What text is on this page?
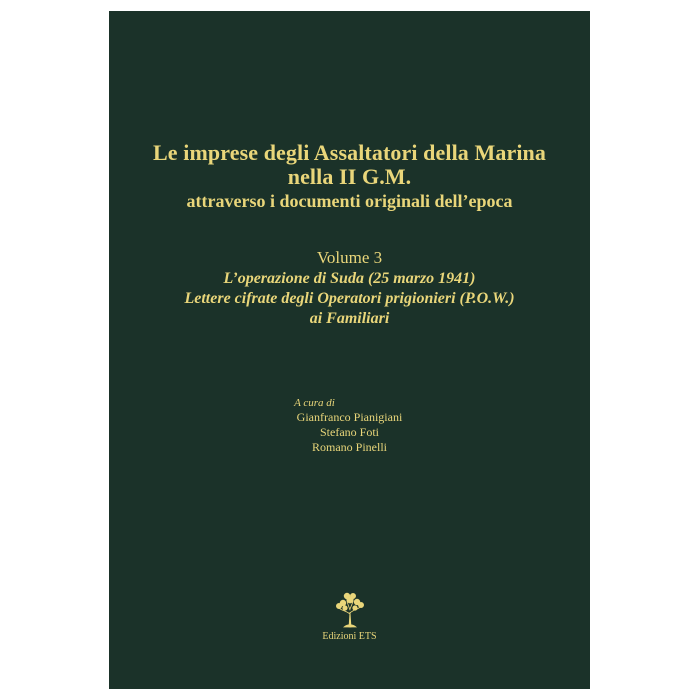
Le imprese degli Assaltatori della Marina
nella II G.M.
attraverso i documenti originali dell’epoca
Volume 3
L’operazione di Suda (25 marzo 1941)
Lettere cifrate degli Operatori prigionieri (P.O.W.)
ai Familiari
A cura di
Gianfranco Pianigiani
Stefano Foti
Romano Pinelli
Edizioni ETS
